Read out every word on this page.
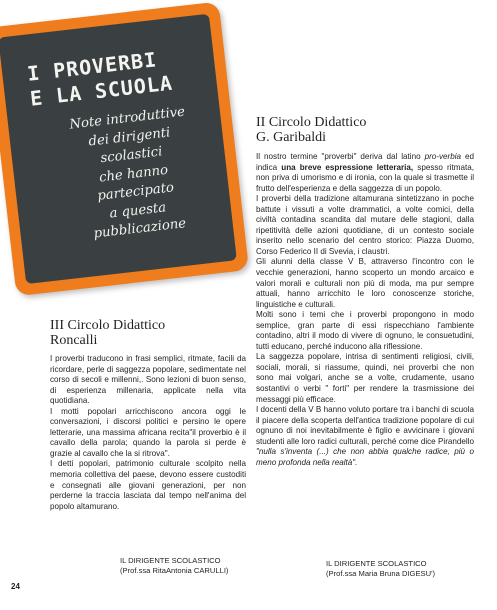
I PROVERBI
E LA SCUOLA
Note introduttive
dei dirigenti
scolastici
che hanno
partecipato
a questa
pubblicazione
II Circolo Didattico
G. Garibaldi

Il nostro termine "proverbi" deriva dal latino pro-verbia ed indica una breve espressione letteraria, spesso ritmata, non priva di umorismo e di ironia, con la quale si trasmette il frutto dell'esperienza e della saggezza di un popolo.

I proverbi della tradizione altamurana sintetizzano in poche battute i vissuti a volte drammatici, a volte comici, della civiltà contadina scandita dal mutare delle stagioni, dalla ripetitività delle azioni quotidiane, di un contesto sociale inserito nello scenario del centro storico: Piazza Duomo, Corso Federico II di Svevia, i claustri.

Gli alunni della classe V B, attraverso l'incontro con le vecchie generazioni, hanno scoperto un mondo arcaico e valori morali e culturali non più di moda, ma pur sempre attuali, hanno arricchito le loro conoscenze storiche, linguistiche e culturali.

Molti sono i temi che i proverbi propongono in modo semplice, gran parte di essi rispecchiano l'ambiente contadino, altri il modo di vivere di ognuno, le consuetudini, tutti educano, perché inducono alla riflessione.

La saggezza popolare, intrisa di sentimenti religiosi, civili, sociali, morali, si riassume, quindi, nei proverbi che non sono mai volgari, anche se a volte, crudamente, usano sostantivi o verbi " forti" per rendere la trasmissione dei messaggi più efficace.

I docenti della V B hanno voluto portare tra i banchi di scuola il piacere della scoperta dell'antica tradizione popolare di cui ognuno di noi inevitabilmente è figlio e avvicinare i giovani studenti alle loro radici culturali, perché come dice Pirandello "nulla s'inventa (...) che non abbia qualche radice, più o meno profonda nella realtà".

IL DIRIGENTE SCOLASTICO
(Prof.ssa Maria Bruna DIGESU')
III Circolo Didattico
Roncalli

I proverbi traducono in frasi semplici, ritmate, facili da ricordare, perle di saggezza popolare, sedimentate nel corso di secoli e millenni,. Sono lezioni di buon senso, di esperienza millenaria, applicate nella vita quotidiana.

I motti popolari arricchiscono ancora oggi le conversazioni, i discorsi politici e persino le opere letterarie, una massima africana recita"il proverbio è il cavallo della parola; quando la parola si perde è grazie al cavallo che la si ritrova".

I detti popolari, patrimonio culturale scolpito nella memoria collettiva del paese, devono essere custoditi e consegnati alle giovani generazioni, per non perderne la traccia lasciata dal tempo nell'anima del popolo altamurano.

IL DIRIGENTE SCOLASTICO
(Prof.ssa RitaAntonia CARULLI)
24
